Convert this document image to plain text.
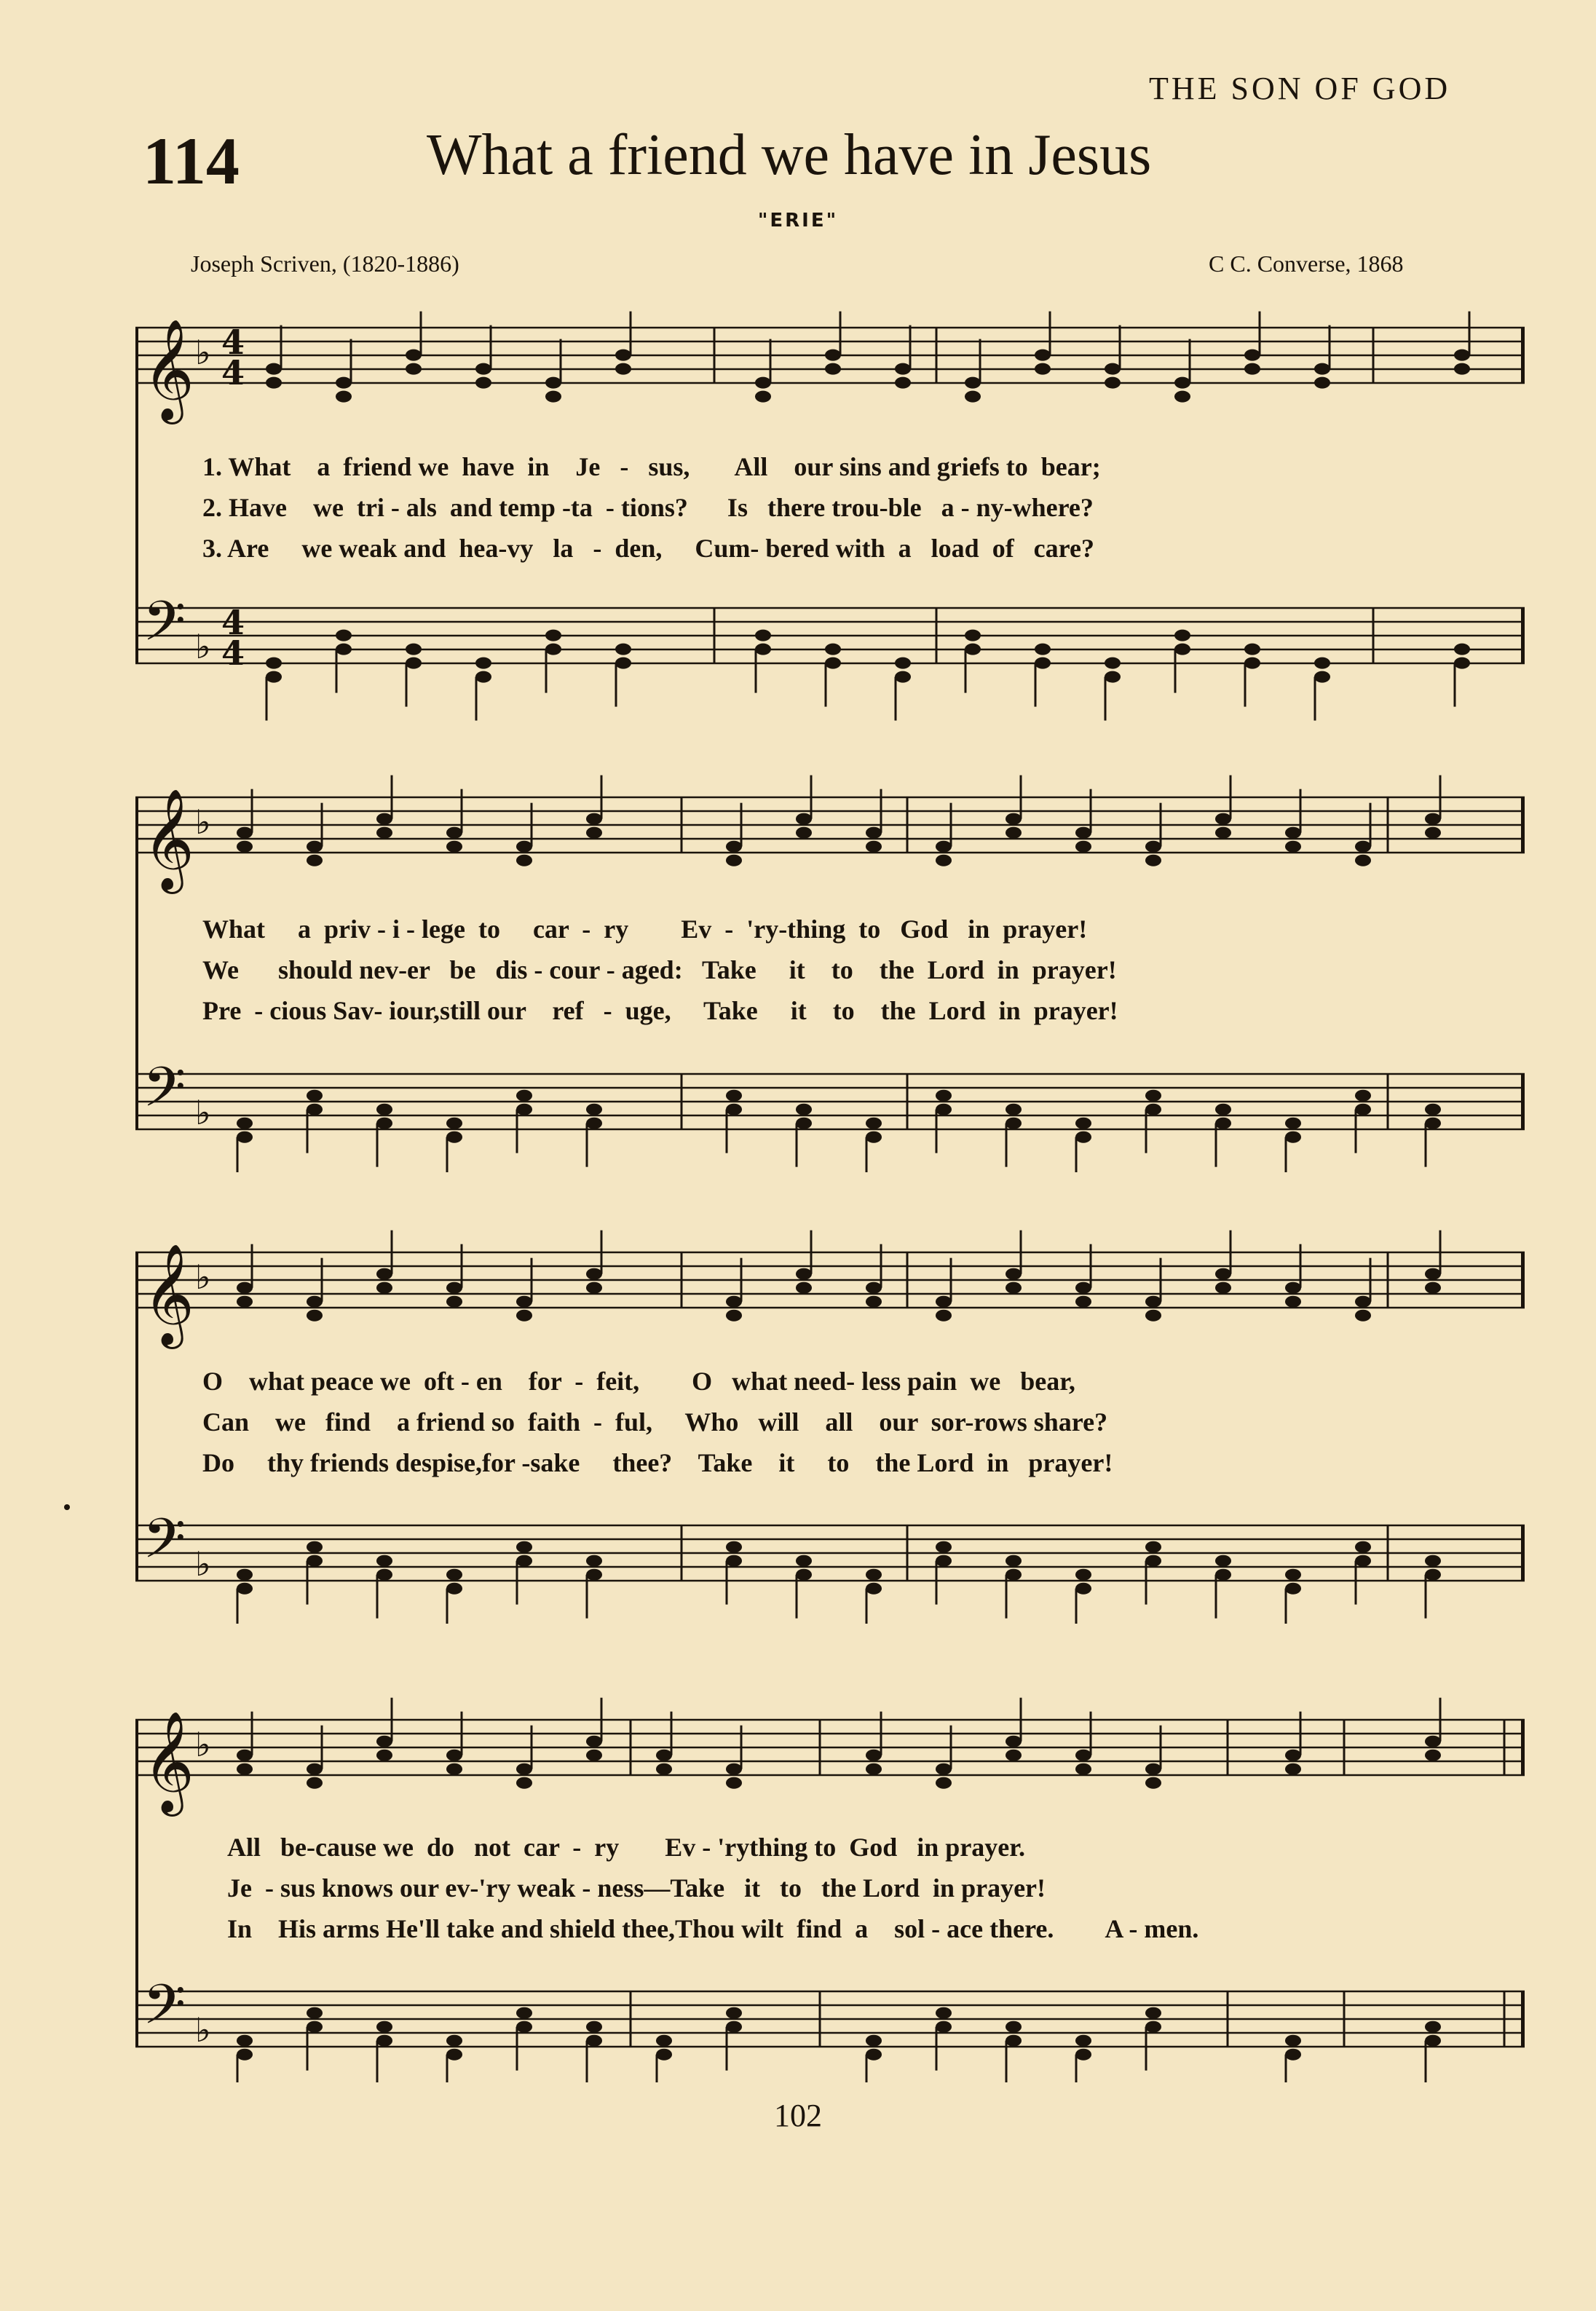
THE SON OF GOD
114	What a friend we have in Jesus
"ERIE"
Joseph Scriven, (1820-1886)	C C. Converse, 1868
𝄞 ♭ 4
4
𝄢 ♭
4
4
1. What    a  friend we  have  in    Je   -   sus,       All    our sins and griefs to  bear;
2. Have    we  tri - als  and temp -ta  - tions?      Is   there trou-ble   a - ny-where?
3. Are     we weak and  hea-vy   la   -  den,     Cum- bered with  a   load  of   care?
𝄞 ♭
𝄢 ♭
What     a  priv - i - lege  to     car  -  ry        Ev  -  'ry-thing  to   God   in  prayer!
We      should nev-er   be   dis - cour - aged:   Take     it    to    the  Lord  in  prayer!
Pre  - cious Sav- iour,still our    ref   -  uge,     Take     it    to    the  Lord  in  prayer!
𝄞 ♭
𝄢 ♭
O    what peace we  oft - en    for  -  feit,        O   what need- less pain  we   bear,
Can    we   find    a friend so  faith  -  ful,     Who   will    all    our  sor-rows share?
Do     thy friends despise,for -sake     thee?    Take    it     to    the Lord  in   prayer!
𝄞 ♭
𝄢 ♭
All   be-cause we  do   not  car  -  ry       Ev - 'rything to  God   in prayer.
Je  - sus knows our ev-'ry weak - ness—Take   it   to   the Lord  in prayer!
In    His arms He'll take and shield thee,Thou wilt  find  a    sol - ace there.        A - men.
102
